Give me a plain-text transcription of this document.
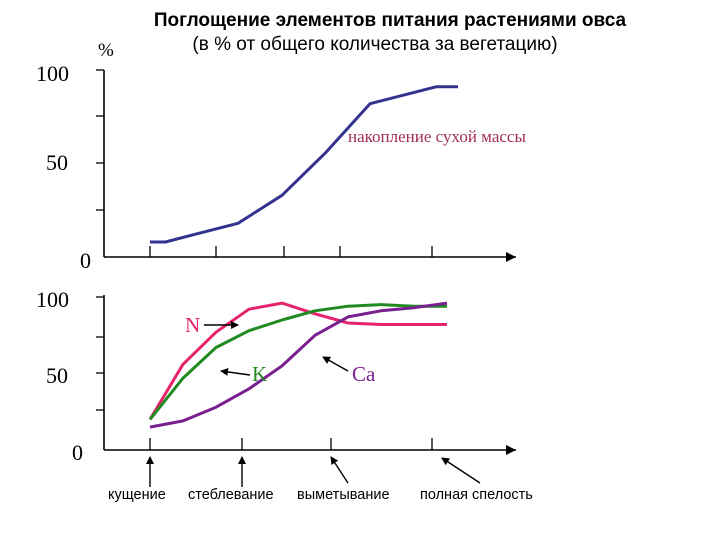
Поглощение элементов питания растениями овса
(в % от общего количества за вегетацию)
%
100
50
0
накопление сухой массы
100
50
0
N
K	Ca
кущение стеблевание выметывание полная спелость
